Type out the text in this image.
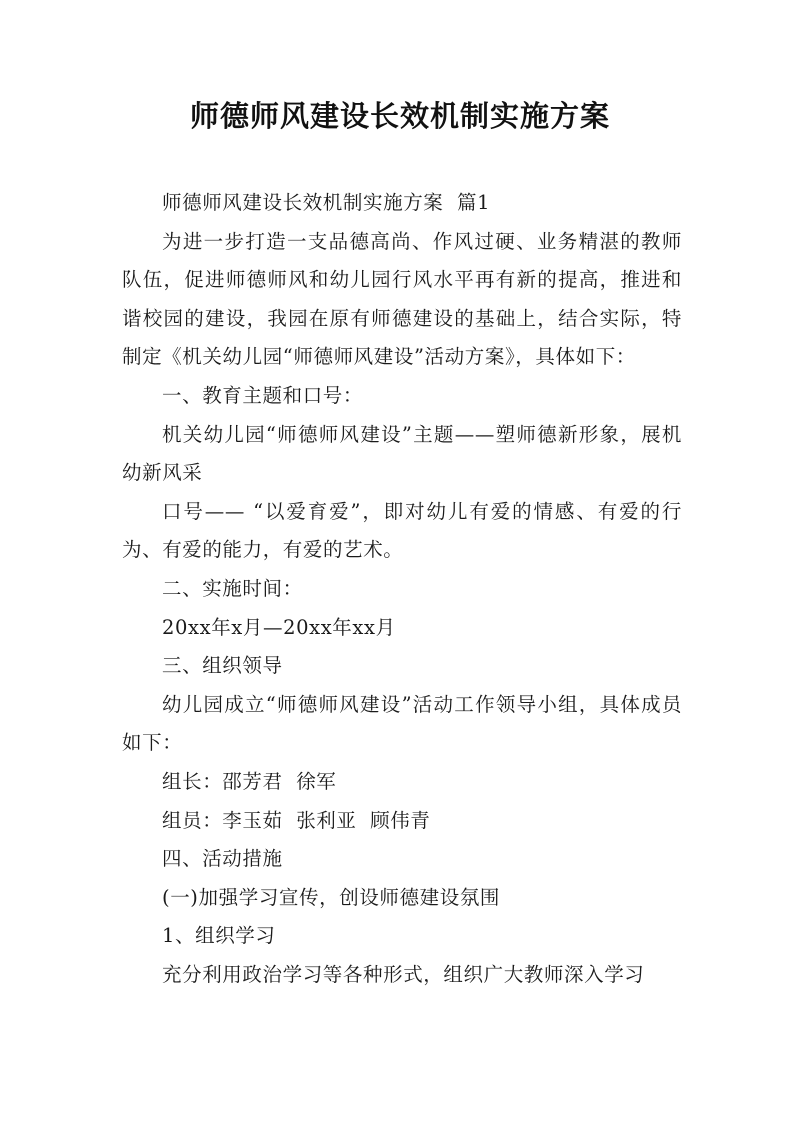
师德师风建设长效机制实施方案

师德师风建设长效机制实施方案  篇1

为进一步打造一支品德高尚、作风过硬、业务精湛的教师队伍，促进师德师风和幼儿园行风水平再有新的提高，推进和谐校园的建设，我园在原有师德建设的基础上，结合实际，特制定《机关幼儿园“师德师风建设”活动方案》，具体如下：

一、教育主题和口号：

机关幼儿园“师德师风建设”主题——塑师德新形象，展机幼新风采

口号—— “以爱育爱”，即对幼儿有爱的情感、有爱的行为、有爱的能力，有爱的艺术。

二、实施时间：

20xx年x月—20xx年xx月

三、组织领导

幼儿园成立“师德师风建设”活动工作领导小组，具体成员如下：

组长：邵芳君  徐军

组员：李玉茹  张利亚  顾伟青

四、活动措施

(一)加强学习宣传，创设师德建设氛围

1、组织学习

充分利用政治学习等各种形式，组织广大教师深入学习
